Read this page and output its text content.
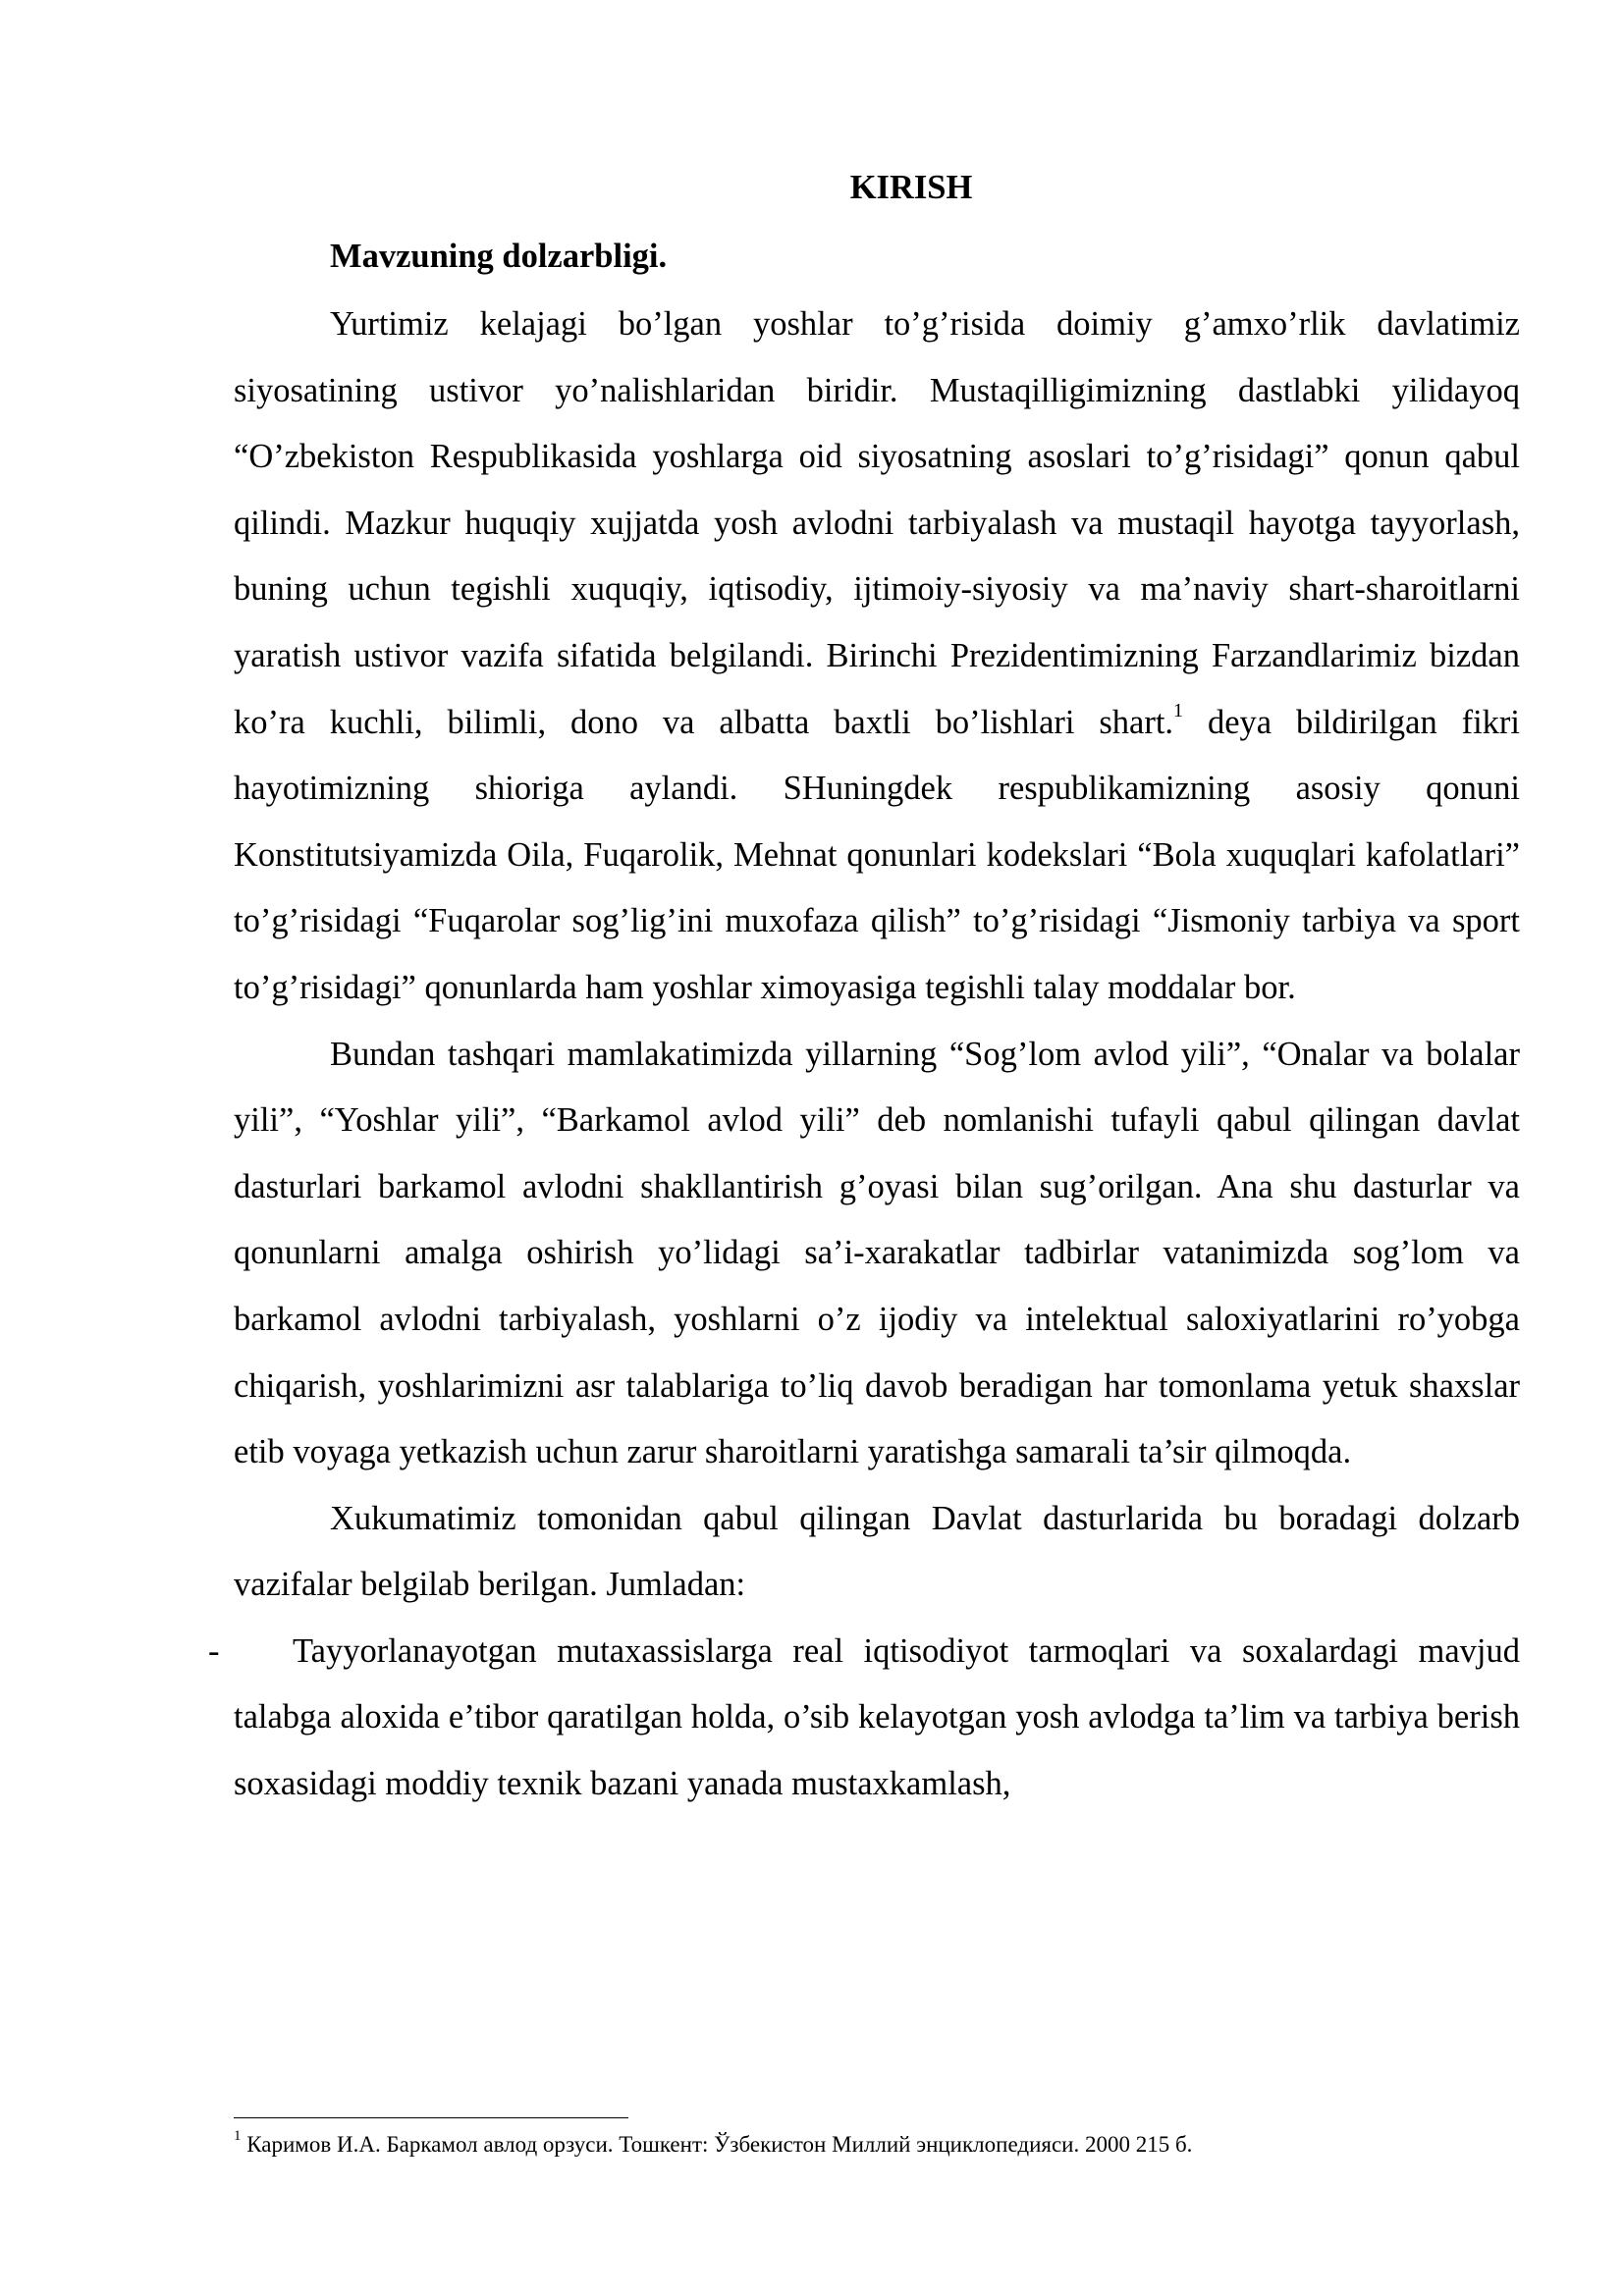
KIRISH

Mavzuning dolzarbligi.

Yurtimiz kelajagi bo’lgan yoshlar to’g’risida doimiy g’amxo’rlik davlatimiz siyosatining ustivor yo’nalishlaridan biridir. Mustaqilligimizning dastlabki yilidayoq “O’zbekiston Respublikasida yoshlarga oid siyosatning asoslari to’g’risidagi” qonun qabul qilindi. Mazkur huquqiy xujjatda yosh avlodni tarbiyalash va mustaqil hayotga tayyorlash, buning uchun tegishli xuquqiy, iqtisodiy, ijtimoiy-siyosiy va ma’naviy shart-sharoitlarni yaratish ustivor vazifa sifatida belgilandi. Birinchi Prezidentimizning Farzandlarimiz bizdan ko’ra kuchli, bilimli, dono va albatta baxtli bo’lishlari shart.$^1$ deya bildirilgan fikri hayotimizning shioriga aylandi. SHuningdek respublikamizning asosiy qonuni Konstitutsiyamizda Oila, Fuqarolik, Mehnat qonunlari kodekslari “Bola xuquqlari kafolatlari” to’g’risidagi “Fuqarolar sog’lig’ini muxofaza qilish” to’g’risidagi “Jismoniy tarbiya va sport to’g’risidagi” qonunlarda ham yoshlar ximoyasiga tegishli talay moddalar bor.

Bundan tashqari mamlakatimizda yillarning “Sog’lom avlod yili”, “Onalar va bolalar yili”, “Yoshlar yili”, “Barkamol avlod yili” deb nomlanishi tufayli qabul qilingan davlat dasturlari barkamol avlodni shakllantirish g’oyasi bilan sug’orilgan. Ana shu dasturlar va qonunlarni amalga oshirish yo’lidagi sa’i-xarakatlar tadbirlar vatanimizda sog’lom va barkamol avlodni tarbiyalash, yoshlarni o’z ijodiy va intelektual saloxiyatlarini ro’yobga chiqarish, yoshlarimizni asr talablariga to’liq davob beradigan har tomonlama yetuk shaxslar etib voyaga yetkazish uchun zarur sharoitlarni yaratishga samarali ta’sir qilmoqda.

Xukumatimiz tomonidan qabul qilingan Davlat dasturlarida bu boradagi dolzarb vazifalar belgilab berilgan. Jumladan:

- Tayyorlanayotgan mutaxassislarga real iqtisodiyot tarmoqlari va soxalardagi mavjud talabga aloxida e’tibor qaratilgan holda, o’sib kelayotgan yosh avlodga ta’lim va tarbiya berish soxasidagi moddiy texnik bazani yanada mustaxkamlash,

$^1$ Каримов И.А. Баркамол авлод орзуси. Тошкент: Ўзбекистон Миллий энциклопедияси. 2000 215 б.
